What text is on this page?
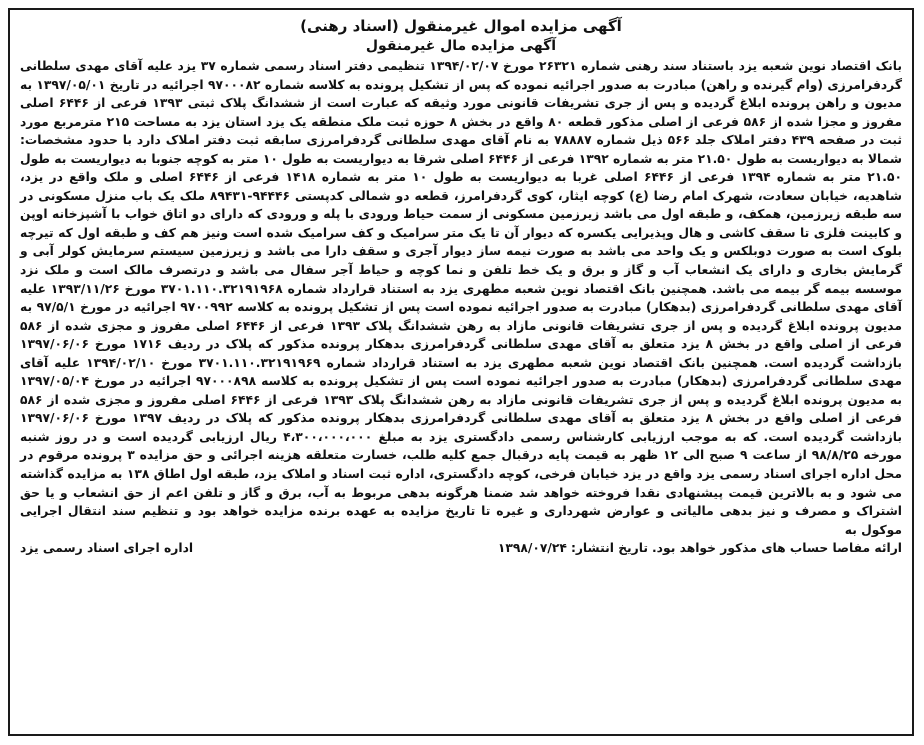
آگهی مزایده اموال غیرمنقول (اسناد رهنی)

آگهی مزایده مال غیرمنقول

بانک اقتصاد نوین شعبه یزد باستناد سند رهنی شماره ۲۶۳۲۱ مورخ ۱۳۹۴/۰۲/۰۷ تنظیمی دفتر اسناد رسمی شماره ۳۷ یزد علیه آقای مهدی سلطانی گردفرامرزی (وام گیرنده و راهن) مبادرت به صدور اجرائیه نموده که پس از تشکیل پرونده به کلاسه شماره ۹۷۰۰۰۸۲ اجرائیه در تاریخ ۱۳۹۷/۰۵/۰۱ به مدیون و راهن پرونده ابلاغ گردیده و پس از جری تشریفات قانونی مورد وثیقه که عبارت است از ششدانگ پلاک ثبتی ۱۳۹۳ فرعی از ۶۴۴۶ اصلی مفروز و مجزا شده از ۵۸۶ فرعی از اصلی مذکور قطعه ۸۰ واقع در بخش ۸ حوزه ثبت ملک منطقه یک یزد استان یزد به مساحت ۲۱۵ مترمربع مورد ثبت در صفحه ۴۳۹ دفتر املاک جلد ۵۶۶ ذیل شماره ۷۸۸۸۷ به نام آقای مهدی سلطانی گردفرامرزی سابقه ثبت دفتر املاک دارد با حدود مشخصات: شمالا به دیواریست به طول ۲۱.۵۰ متر به شماره ۱۳۹۲ فرعی از ۶۴۴۶ اصلی شرقا به دیواریست به طول ۱۰ متر به کوچه جنوبا به دیواریست به طول ۲۱.۵۰ متر به شماره ۱۳۹۴ فرعی از ۶۴۴۶ اصلی غربا به دیواریست به طول ۱۰ متر به شماره ۱۴۱۸ فرعی از ۶۴۴۶ اصلی و ملک واقع در یزد، شاهدیه، خیابان سعادت، شهرک امام رضا (ع) کوچه ایثار، کوی گردفرامرز، قطعه دو شمالی کدپستی ۹۴۴۴۶-۸۹۴۳۱ ملک یک باب منزل مسکونی در سه طبقه زیرزمین، همکف، و طبقه اول می باشد زیرزمین مسکونی از سمت حیاط ورودی با پله و ورودی که دارای دو اتاق خواب با آشپزخانه اوپن و کابینت فلزی تا سقف کاشی و هال وپذیرایی یکسره که دیوار آن تا یک متر سرامیک و کف سرامیک شده است ونیز هم کف و طبقه اول که تیرچه بلوک است به صورت دوبلکس و یک واحد می باشد به صورت نیمه ساز دیوار آجری و سقف دارا می باشد و زیرزمین سیستم سرمایش کولر آبی و گرمایش بخاری و دارای یک انشعاب آب و گاز و برق و یک خط تلفن و نما کوچه و حیاط آجر سفال می باشد و درتصرف مالک است و ملک نزد موسسه بیمه گر بیمه می باشد. همچنین بانک اقتصاد نوین شعبه مطهری یزد به استناد قرارداد شماره ۳۷۰۱.۱۱۰.۳۲۱۹۱۹۶۸ مورخ ۱۳۹۳/۱۱/۲۶ علیه آقای مهدی سلطانی گردفرامرزی (بدهکار) مبادرت به صدور اجرائیه نموده است پس از تشکیل پرونده به کلاسه ۹۷۰۰۹۹۲ اجرائیه در مورخ ۹۷/۵/۱ به مدیون پرونده ابلاغ گردیده و پس از جری تشریفات قانونی مازاد به رهن ششدانگ پلاک ۱۳۹۳ فرعی از ۶۴۴۶ اصلی مفروز و مجزی شده از ۵۸۶ فرعی از اصلی واقع در بخش ۸ یزد متعلق به آقای مهدی سلطانی گردفرامرزی بدهکار پرونده مذکور که پلاک در ردیف ۱۷۱۶ مورخ ۱۳۹۷/۰۶/۰۶ بازداشت گردیده است. همچنین بانک اقتصاد نوین شعبه مطهری یزد به استناد قرارداد شماره ۳۷۰۱.۱۱۰.۳۲۱۹۱۹۶۹ مورخ ۱۳۹۴/۰۲/۱۰ علیه آقای مهدی سلطانی گردفرامرزی (بدهکار) مبادرت به صدور اجرائیه نموده است پس از تشکیل پرونده به کلاسه ۹۷۰۰۰۸۹۸ اجرائیه در مورخ ۱۳۹۷/۰۵/۰۴ به مدیون پرونده ابلاغ گردیده و پس از جری تشریفات قانونی مازاد به رهن ششدانگ پلاک ۱۳۹۳ فرعی از ۶۴۴۶ اصلی مفروز و مجزی شده از ۵۸۶ فرعی از اصلی واقع در بخش ۸ یزد متعلق به آقای مهدی سلطانی گردفرامرزی بدهکار پرونده مذکور که پلاک در ردیف ۱۳۹۷ مورخ ۱۳۹۷/۰۶/۰۶ بازداشت گردیده است. که به موجب ارزیابی کارشناس رسمی دادگستری یزد به مبلغ ۴،۳۰۰،۰۰۰،۰۰۰ ریال ارزیابی گردیده است و در روز شنبه مورخه ۹۸/۸/۲۵ از ساعت ۹ صبح الی ۱۲ ظهر به قیمت پایه درقبال جمع کلیه طلب، خسارت متعلقه هزینه اجرائی و حق مزایده ۳ پرونده مرقوم در محل اداره اجرای اسناد رسمی یزد واقع در یزد خیابان فرخی، کوچه دادگستری، اداره ثبت اسناد و املاک یزد، طبقه اول اطاق ۱۳۸ به مزایده گذاشته می شود و به بالاترین قیمت پیشنهادی نقدا فروخته خواهد شد ضمنا هرگونه بدهی مربوط به آب، برق و گاز و تلفن اعم از حق انشعاب و یا حق اشتراک و مصرف و نیز بدهی مالیاتی و عوارض شهرداری و غیره تا تاریخ مزایده به عهده برنده مزایده خواهد بود و تنظیم سند انتقال اجرایی موکول به

ارائه مفاصا حساب های مذکور خواهد بود.
تاریخ انتشار:
۱۳۹۸/۰۷/۲۴
اداره اجرای اسناد رسمی یزد
